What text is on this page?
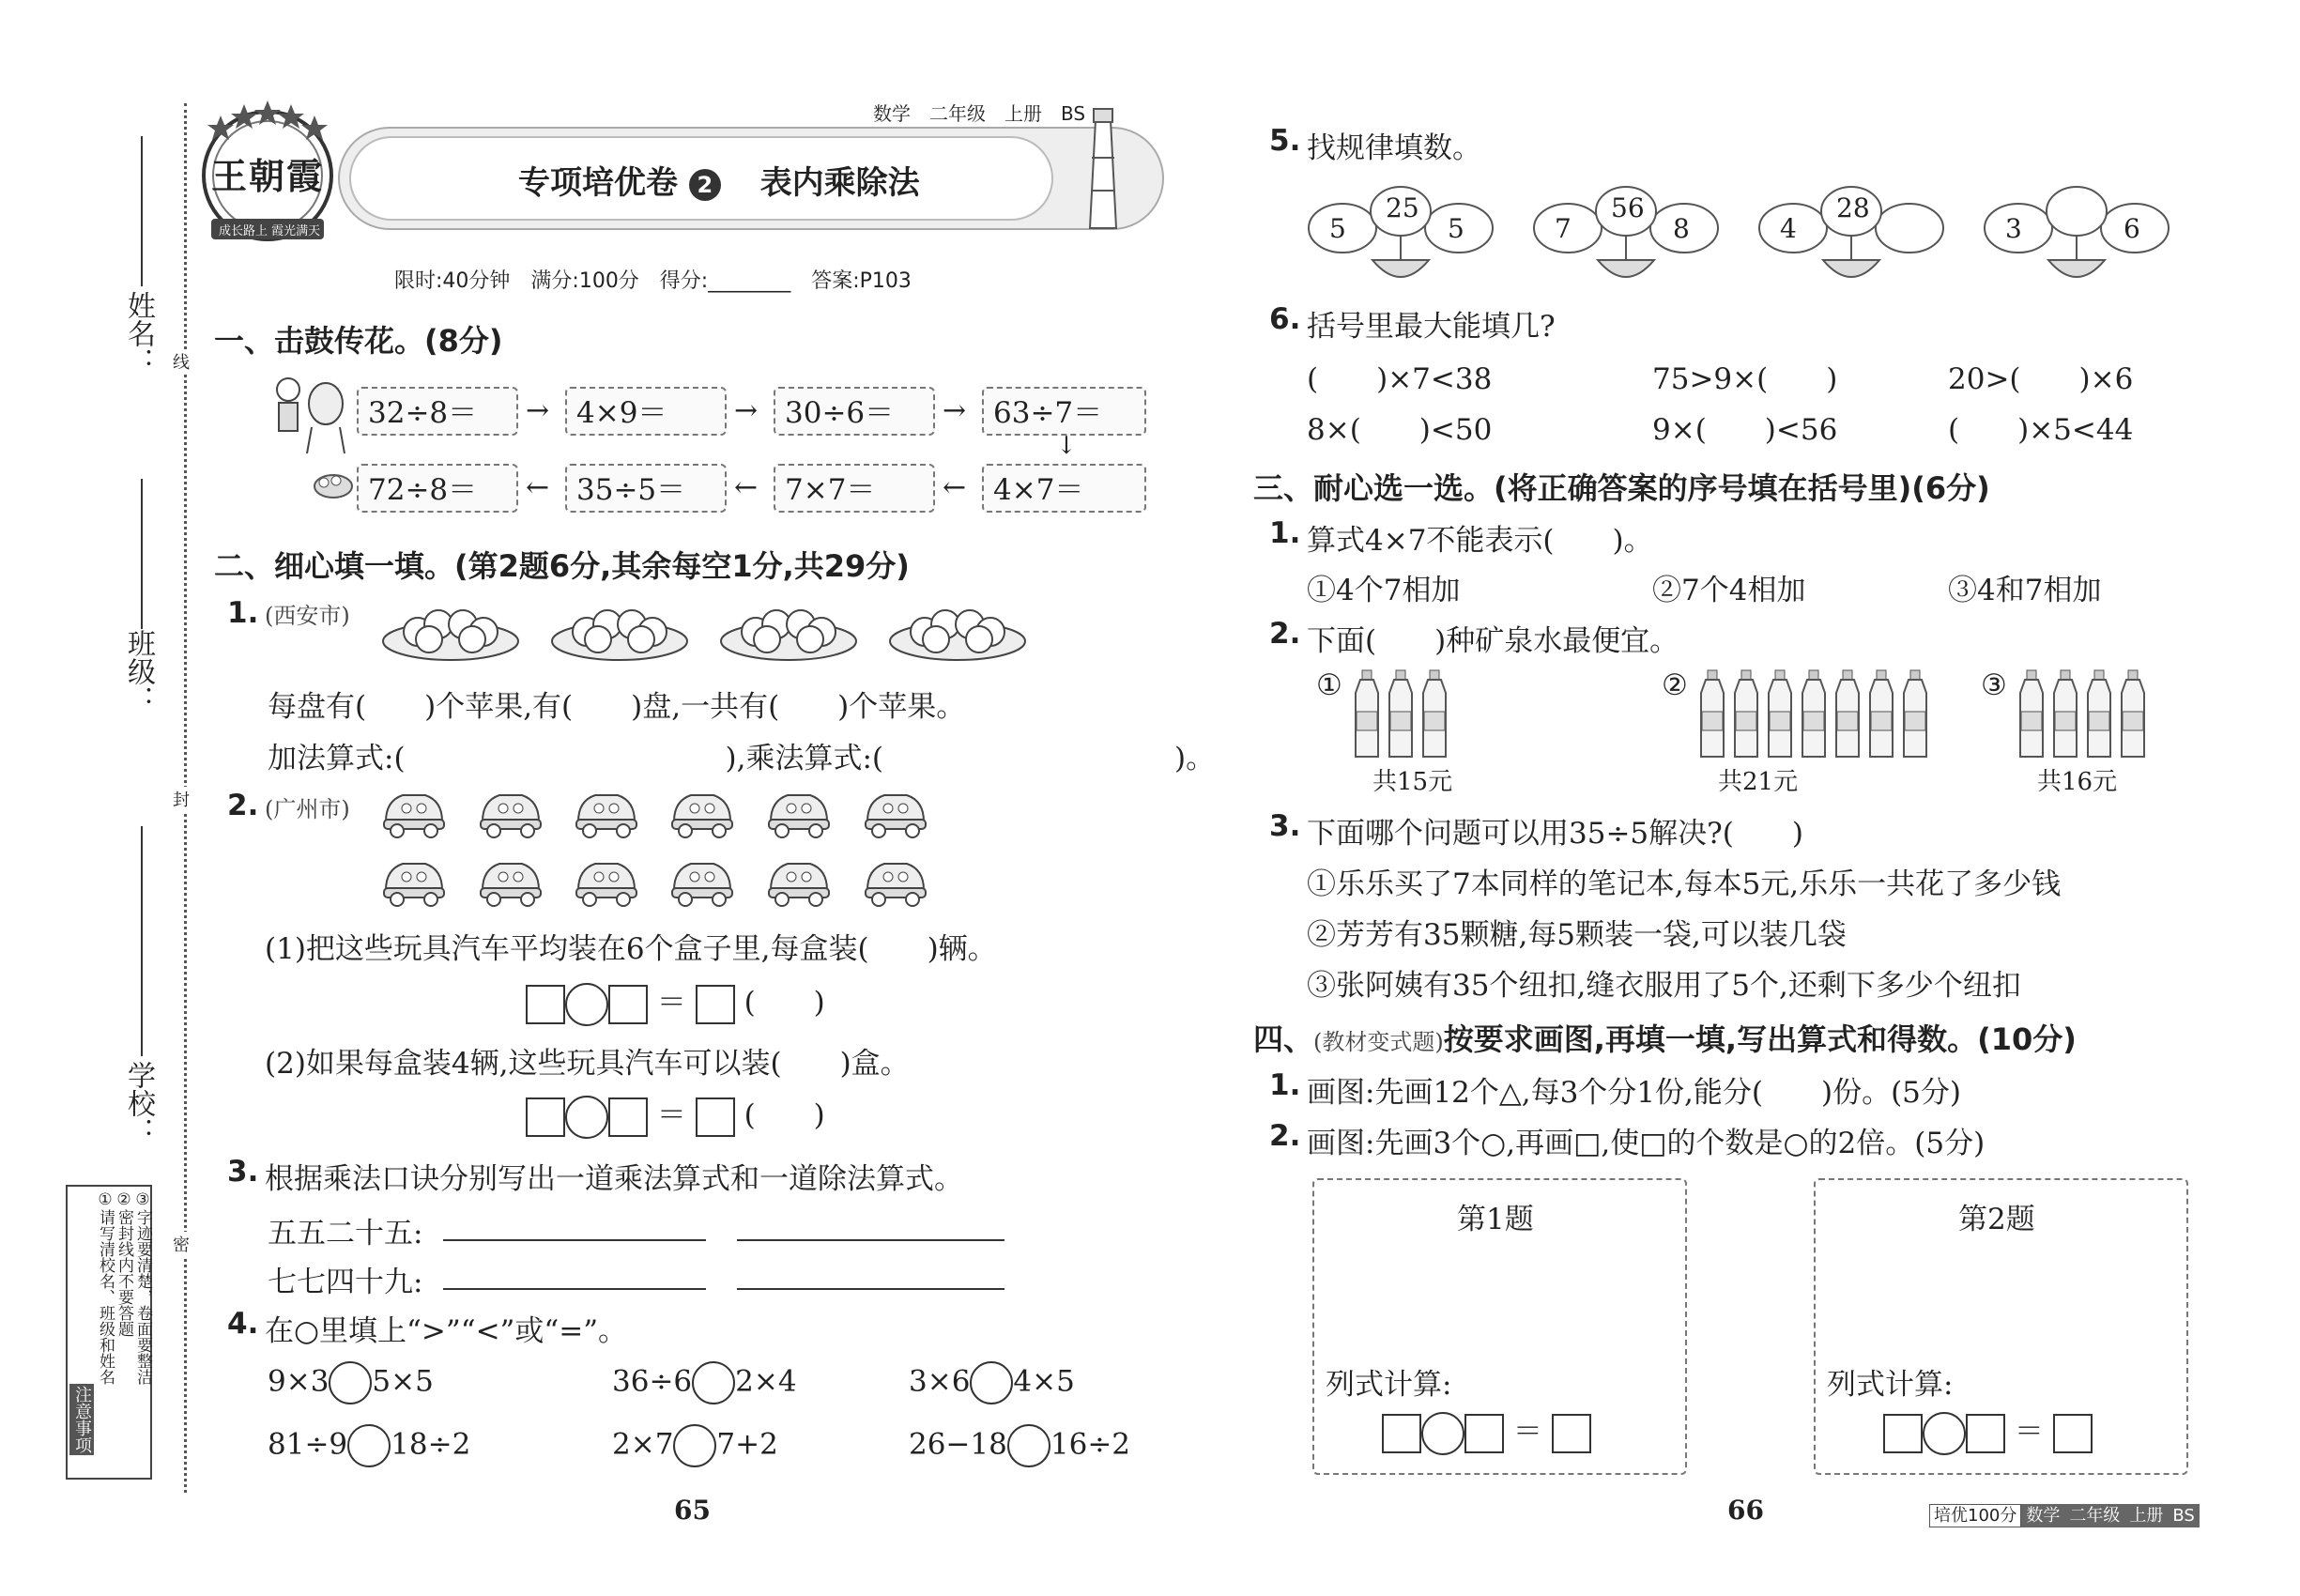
姓名：
班级：
学校：
线
封
密
注意事项
①请写清校名、班级和姓名 ②密封线内不要答题 ③字迹要清楚，卷面要整洁
王朝霞
成长路上 霞光满天
数学　二年级　上册　BS
专项培优卷 2 表内乘除法
限时:40分钟　满分:100分　得分:________　答案:P103
一、击鼓传花。(8分)
32÷8＝	→ 4×9＝	→ 30÷6＝	→ 63÷7＝
↓
72÷8＝	← 35÷5＝	← 7×7＝	← 4×7＝
二、细心填一填。(第2题6分,其余每空1分,共29分)
1. (西安市)
每盘有(　　)个苹果,有(　　)盘,一共有(　　)个苹果。
加法算式:(　　　　　　　　　　　),乘法算式:(　　　　　　　　　　)。
2. (广州市)
(1)把这些玩具汽车平均装在6个盒子里,每盒装(　　)辆。
＝  (　　)
(2)如果每盒装4辆,这些玩具汽车可以装(　　)盒。
＝  (　　)
3. 根据乘法口诀分别写出一道乘法算式和一道除法算式。
五五二十五:
七七四十九:
4. 在○里填上“>”“<”或“=”。
9×3 5×5	36÷6 2×4	3×6 4×5
81÷9 18÷2	2×7 7+2	26−18 16÷2
65
5. 找规律填数。
25
5	5
56
7	8
28
4	3	6
6. 括号里最大能填几?
(　　)×7<38	75>9×(　　)	20>(　　)×6
8×(　　)<50	9×(　　)<56	(　　)×5<44
三、耐心选一选。(将正确答案的序号填在括号里)(6分)
1. 算式4×7不能表示(　　)。
①4个7相加	②7个4相加	③4和7相加
2. 下面(　　)种矿泉水最便宜。
①
共15元
②
共21元
③
共16元
3. 下面哪个问题可以用35÷5解决?(　　)
①乐乐买了7本同样的笔记本,每本5元,乐乐一共花了多少钱
②芳芳有35颗糖,每5颗装一袋,可以装几袋
③张阿姨有35个纽扣,缝衣服用了5个,还剩下多少个纽扣
四、(教材变式题)按要求画图,再填一填,写出算式和得数。(10分)
1. 画图:先画12个△,每3个分1份,能分(　　)份。(5分)
2. 画图:先画3个○,再画□,使□的个数是○的2倍。(5分)
第1题
列式计算:
＝
第2题
列式计算:
＝
66	培优100分 数学 二年级 上册 BS
